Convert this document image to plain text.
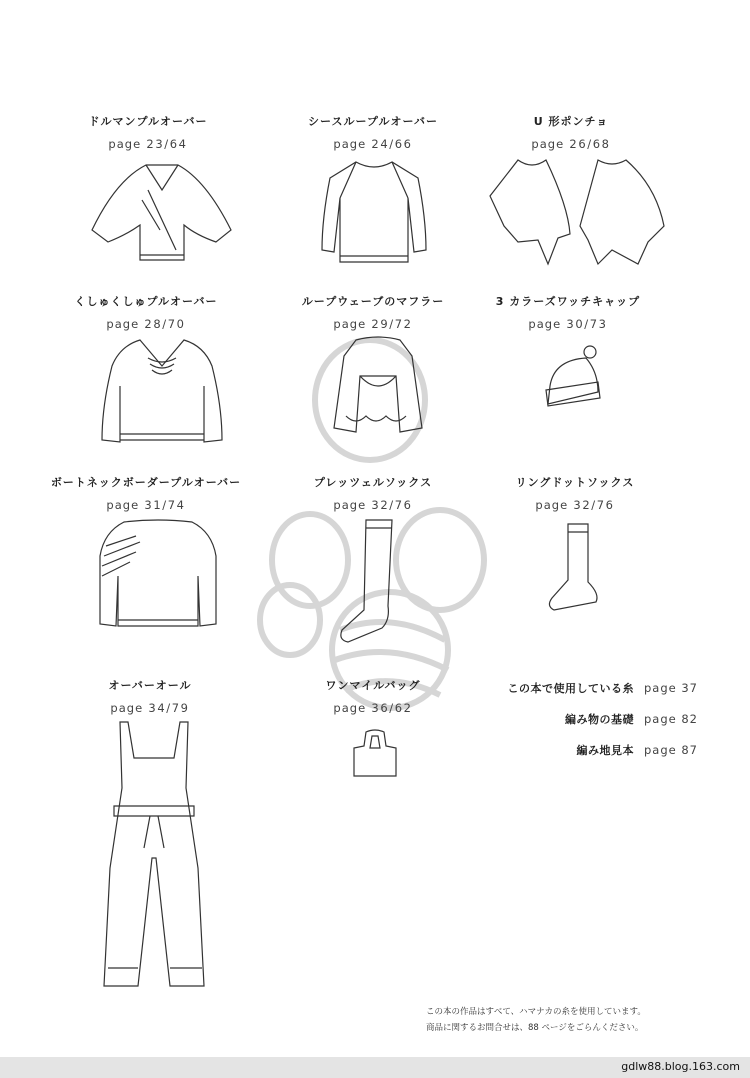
ドルマンプルオーバー
page 23/64
シースループルオーバー
page 24/66
U 形ポンチョ
page 26/68
くしゅくしゅプルオーバー
page 28/70
ループウェーブのマフラー
page 29/72
3 カラーズワッチキャップ
page 30/73
ボートネックボーダープルオーバー
page 31/74
プレッツェルソックス
page 32/76
リングドットソックス
page 32/76
オーバーオール
page 34/79
ワンマイルバッグ
page 36/62
この本で使用している糸 page 37
編み物の基礎 page 82
編み地見本 page 87
この本の作品はすべて、ハマナカの糸を使用しています。
商品に関するお問合せは、88 ページをごらんください。
gdlw88.blog.163.com
